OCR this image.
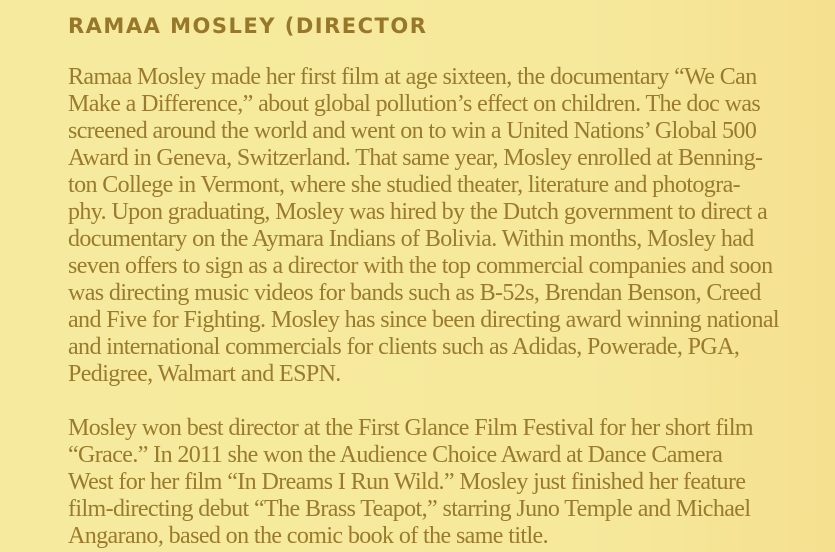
RAMAA MOSLEY (DIRECTOR

Ramaa Mosley made her first film at age sixteen, the documentary “We Can
Make a Difference,” about global pollution’s effect on children. The doc was
screened around the world and went on to win a United Nations’ Global 500
Award in Geneva, Switzerland. That same year, Mosley enrolled at Benning-
ton College in Vermont, where she studied theater, literature and photogra-
phy. Upon graduating, Mosley was hired by the Dutch government to direct a
documentary on the Aymara Indians of Bolivia. Within months, Mosley had
seven offers to sign as a director with the top commercial companies and soon
was directing music videos for bands such as B-52s, Brendan Benson, Creed
and Five for Fighting. Mosley has since been directing award winning national
and international commercials for clients such as Adidas, Powerade, PGA,
Pedigree, Walmart and ESPN.

Mosley won best director at the First Glance Film Festival for her short film
“Grace.” In 2011 she won the Audience Choice Award at Dance Camera
West for her film “In Dreams I Run Wild.” Mosley just finished her feature
film-directing debut “The Brass Teapot,” starring Juno Temple and Michael
Angarano, based on the comic book of the same title.
